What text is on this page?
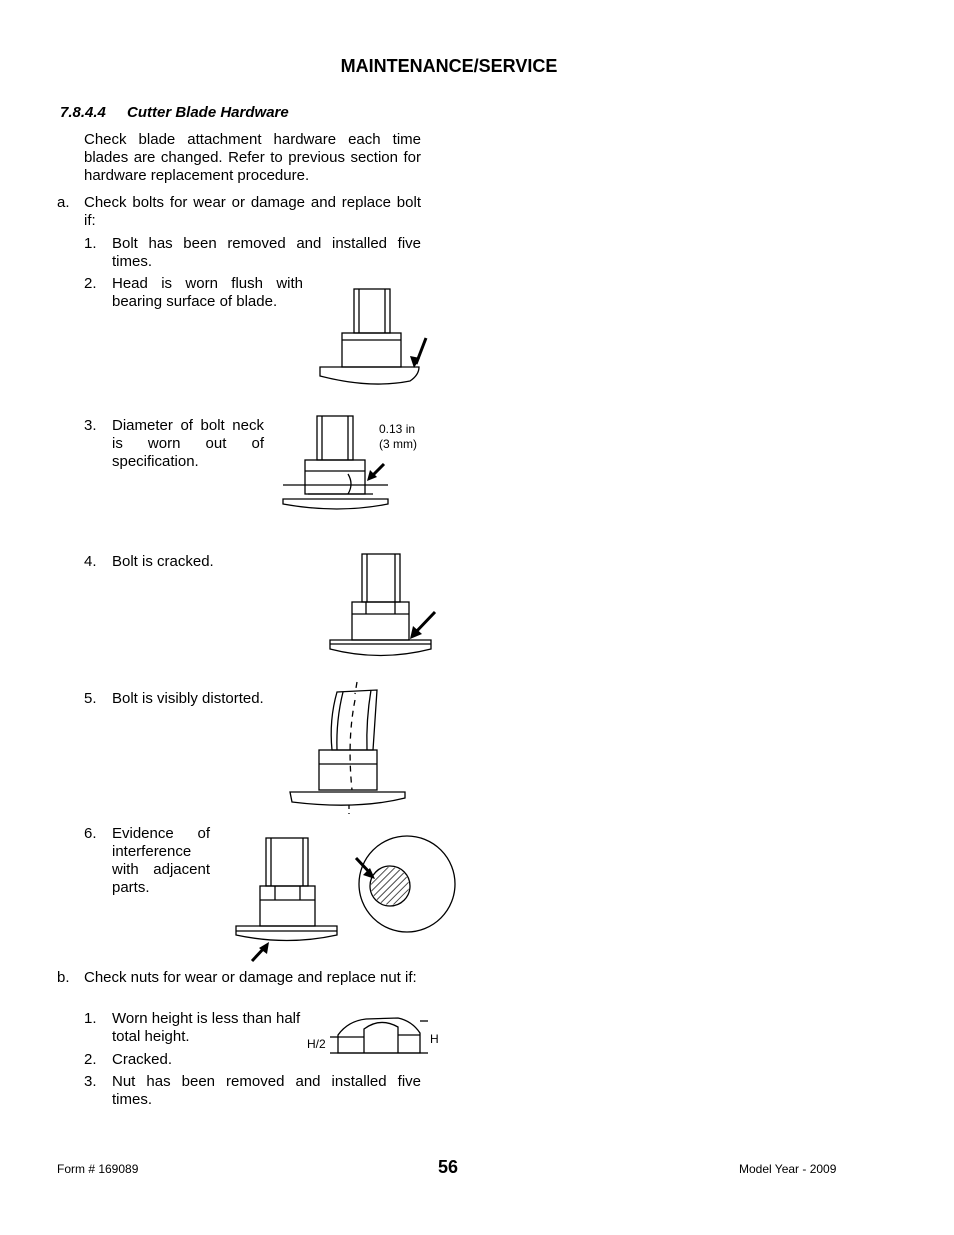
MAINTENANCE/SERVICE
7.8.4.4 Cutter Blade Hardware
Check blade attachment hardware each time blades are changed. Refer to previous section for hardware replacement procedure.
a. Check bolts for wear or damage and replace bolt if:
1. Bolt has been removed and installed five times.
2. Head is worn flush with bearing surface of blade.
3. Diameter of bolt neck is worn out of specification.
0.13 in
(3 mm)
4. Bolt is cracked.
5. Bolt is visibly distorted.
6. Evidence of interference with adjacent parts.
b. Check nuts for wear or damage and replace nut if:
1. Worn height is less than half total height.	H/2	H
2. Cracked.
3. Nut has been removed and installed five times.
Form # 169089	56	Model Year - 2009
